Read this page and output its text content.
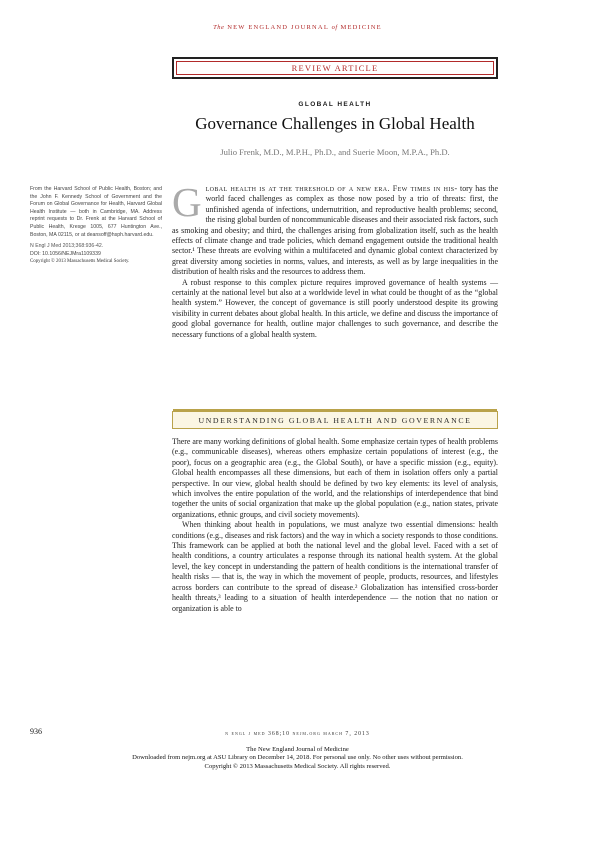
The NEW ENGLAND JOURNAL of MEDICINE
REVIEW ARTICLE
GLOBAL HEALTH
Governance Challenges in Global Health
Julio Frenk, M.D., M.P.H., Ph.D., and Suerie Moon, M.P.A., Ph.D.
From the Harvard School of Public Health, Boston; and the John F. Kennedy School of Government and the Forum on Global Governance for Health, Harvard Global Health Institute — both in Cambridge, MA. Address reprint requests to Dr. Frenk at the Harvard School of Public Health, Kresge 1005, 677 Huntington Ave., Boston, MA 02115, or at deansoff@hsph.harvard.edu.
N Engl J Med 2013;368:936-42.
DOI: 10.1056/NEJMra1109339
Copyright © 2013 Massachusetts Medical Society.

Global health is at the threshold of a new era. Few times in his- tory has the world faced challenges as complex as those now posed by a trio of threats: first, the unfinished agenda of infections, undernutrition, and reproductive health problems; second, the rising global burden of noncommunicable diseases and their associated risk factors, such as smoking and obesity; and third, the challenges arising from globalization itself, such as the health effects of climate change and trade policies, which demand engagement outside the traditional health sector.¹ These threats are evolving within a multifaceted and dynamic global context characterized by great diversity among societies in norms, values, and interests, as well as by large inequalities in the distribution of health risks and the resources to address them.

A robust response to this complex picture requires improved governance of health systems — certainly at the national level but also at a worldwide level in what could be thought of as the “global health system.” However, the concept of governance is still poorly understood despite its growing visibility in current debates about global health. In this article, we define and discuss the importance of good global governance for health, outline major challenges to such governance, and describe the necessary functions of a global health system.

UNDERSTANDING GLOBAL HEALTH AND GOVERNANCE

There are many working definitions of global health. Some emphasize certain types of health problems (e.g., communicable diseases), whereas others emphasize certain populations of interest (e.g., the poor), focus on a geographic area (e.g., the Global South), or have a specific mission (e.g., equity). Global health encompasses all these dimensions, but each of them in isolation offers only a partial perspective. In our view, global health should be defined by two key elements: its level of analysis, which involves the entire population of the world, and the relationships of interdependence that bind together the units of social organization that make up the global population (e.g., nation states, private organizations, ethnic groups, and civil society movements).

When thinking about health in populations, we must analyze two essential dimensions: health conditions (e.g., diseases and risk factors) and the way in which a society responds to those conditions. This framework can be applied at both the national level and the global level. Faced with a set of health conditions, a country articulates a response through its national health system. At the global level, the key concept in understanding the pattern of health conditions is the international transfer of health risks — that is, the way in which the movement of people, products, resources, and lifestyles across borders can contribute to the spread of disease.² Globalization has intensified cross-border health threats,³ leading to a situation of health interdependence — the notion that no nation or organization is able to

936	n engl j med 368;10 nejm.org march 7, 2013
The New England Journal of Medicine
Downloaded from nejm.org at ASU Library on December 14, 2018. For personal use only. No other uses without permission.
Copyright © 2013 Massachusetts Medical Society. All rights reserved.
